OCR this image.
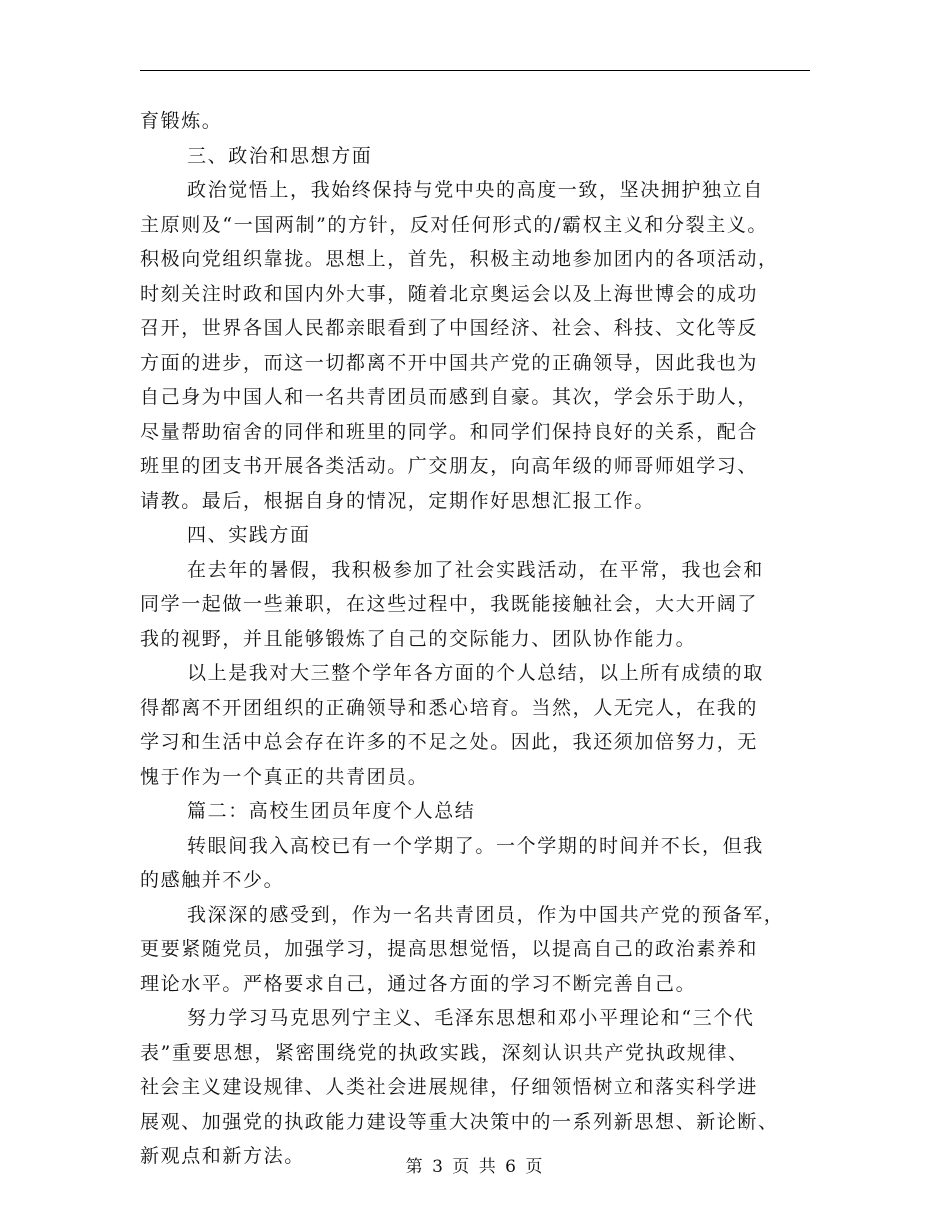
育锻炼。
三、政治和思想方面
政治觉悟上，我始终保持与党中央的高度一致，坚决拥护独立自
主原则及“一国两制”的方针，反对任何形式的/霸权主义和分裂主义。
积极向党组织靠拢。思想上，首先，积极主动地参加团内的各项活动，
时刻关注时政和国内外大事，随着北京奥运会以及上海世博会的成功
召开，世界各国人民都亲眼看到了中国经济、社会、科技、文化等反
方面的进步，而这一切都离不开中国共产党的正确领导，因此我也为
自己身为中国人和一名共青团员而感到自豪。其次，学会乐于助人，
尽量帮助宿舍的同伴和班里的同学。和同学们保持良好的关系，配合
班里的团支书开展各类活动。广交朋友，向高年级的师哥师姐学习、
请教。最后，根据自身的情况，定期作好思想汇报工作。
四、实践方面
在去年的暑假，我积极参加了社会实践活动，在平常，我也会和
同学一起做一些兼职，在这些过程中，我既能接触社会，大大开阔了
我的视野，并且能够锻炼了自己的交际能力、团队协作能力。
以上是我对大三整个学年各方面的个人总结，以上所有成绩的取
得都离不开团组织的正确领导和悉心培育。当然，人无完人，在我的
学习和生活中总会存在许多的不足之处。因此，我还须加倍努力，无
愧于作为一个真正的共青团员。
篇二：高校生团员年度个人总结
转眼间我入高校已有一个学期了。一个学期的时间并不长，但我
的感触并不少。
我深深的感受到，作为一名共青团员，作为中国共产党的预备军，
更要紧随党员，加强学习，提高思想觉悟，以提高自己的政治素养和
理论水平。严格要求自己，通过各方面的学习不断完善自己。
努力学习马克思列宁主义、毛泽东思想和邓小平理论和“三个代
表”重要思想，紧密围绕党的执政实践，深刻认识共产党执政规律、
社会主义建设规律、人类社会进展规律，仔细领悟树立和落实科学进
展观、加强党的执政能力建设等重大决策中的一系列新思想、新论断、
新观点和新方法。	第 3 页 共 6 页
